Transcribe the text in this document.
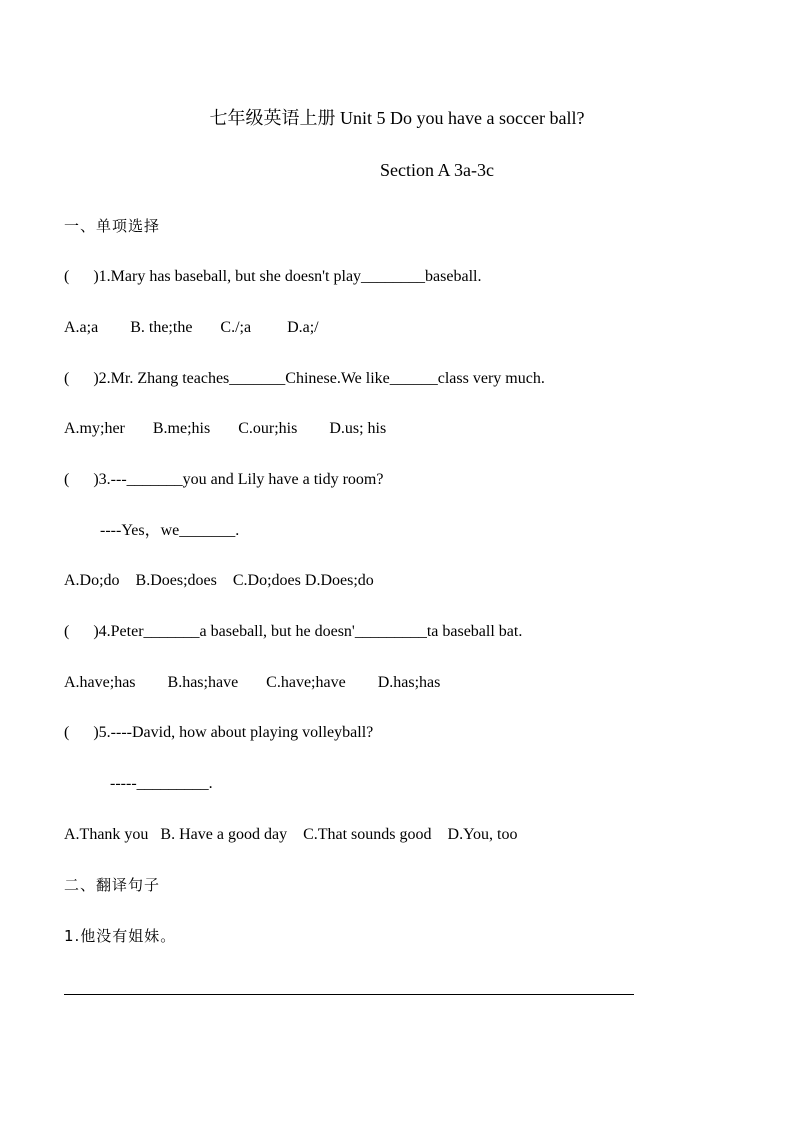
七年级英语上册 Unit 5 Do you have a soccer ball?
Section A 3a-3c
一、单项选择
(      )1.Mary has baseball, but she doesn't play________baseball.
A.a;a        B. the;the       C./;a         D.a;/
(      )2.Mr. Zhang teaches_______Chinese.We like______class very much.
A.my;her       B.me;his       C.our;his        D.us; his
(      )3.---_______you and Lily have a tidy room?
----Yes，we_______.
A.Do;do    B.Does;does    C.Do;does D.Does;do
(      )4.Peter_______a baseball, but he doesn'_________ta baseball bat.
A.have;has        B.has;have       C.have;have        D.has;has
(      )5.----David, how about playing volleyball?
-----_________.
A.Thank you   B. Have a good day    C.That sounds good    D.You, too
二、翻译句子
1.他没有姐妹。
